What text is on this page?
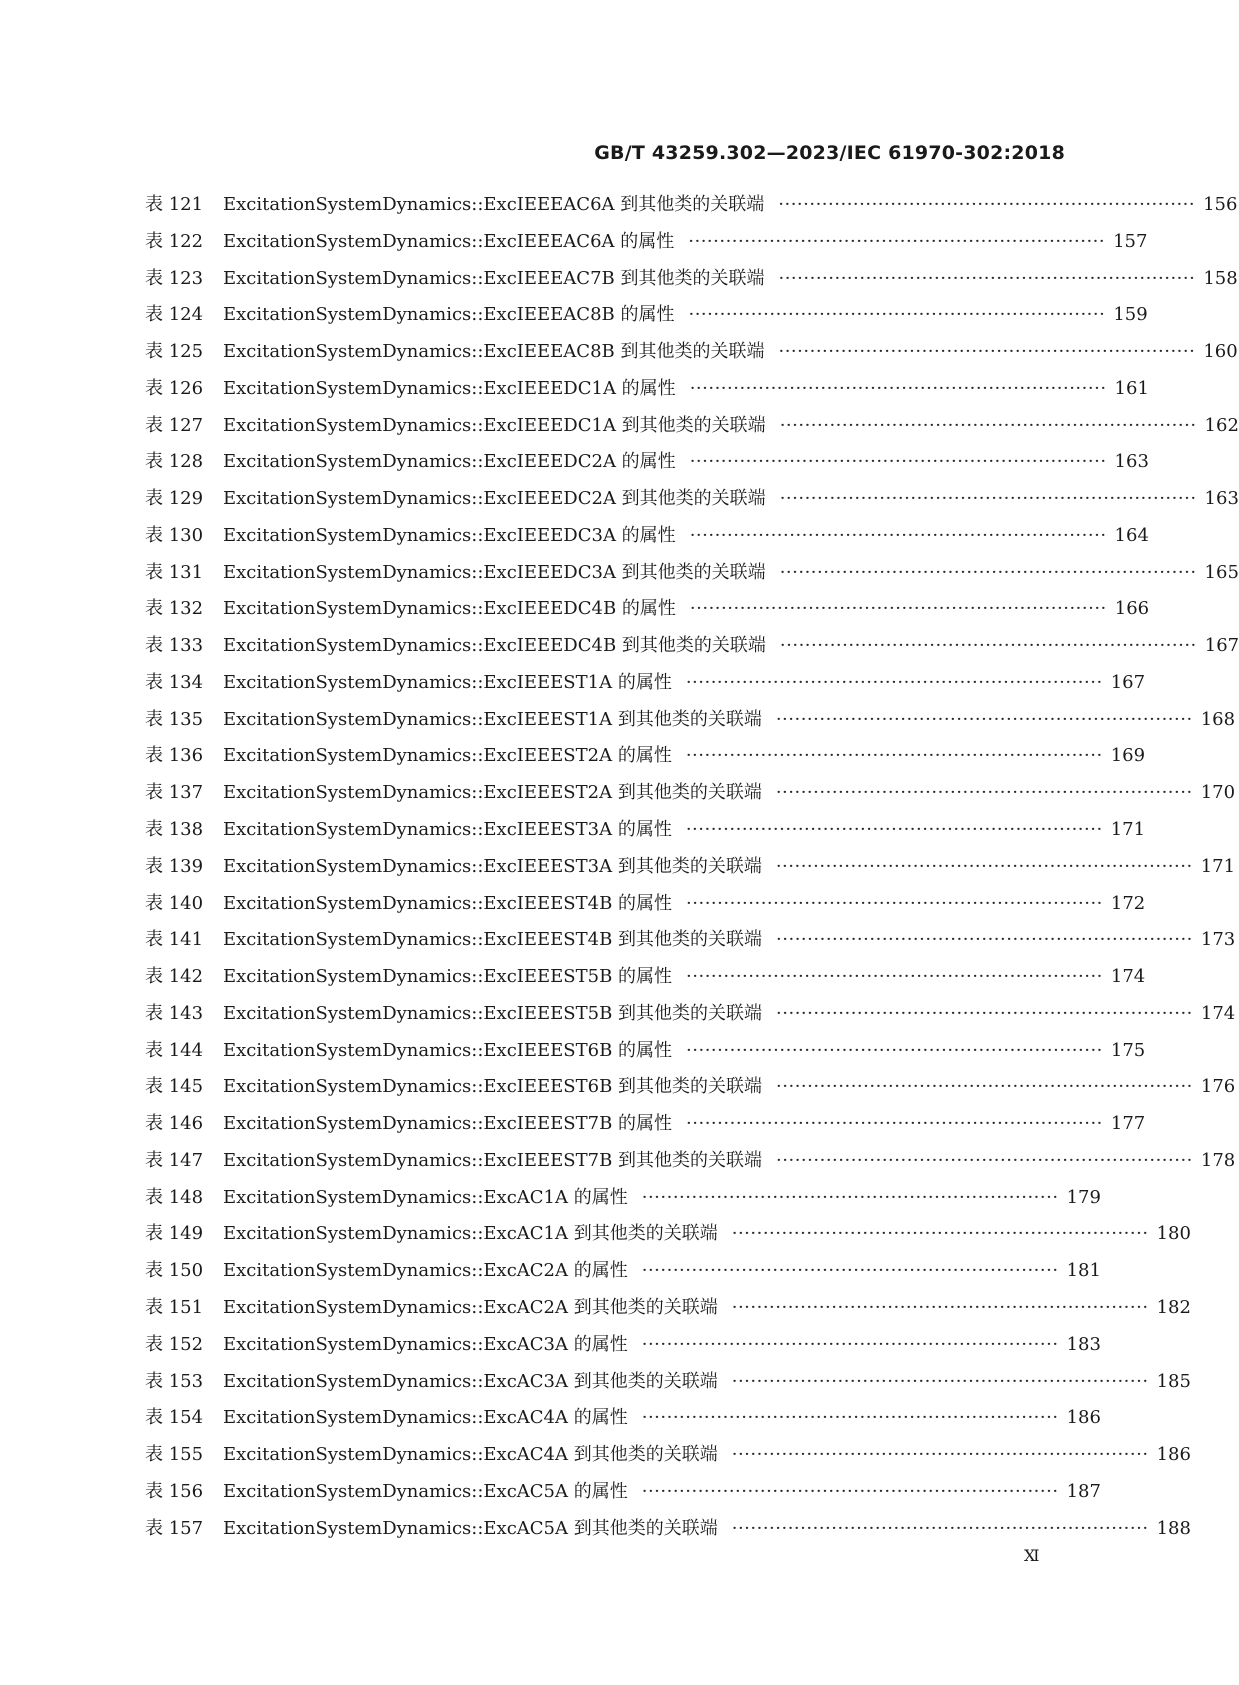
GB/T 43259.302—2023/IEC 61970-302:2018
表 121	ExcitationSystemDynamics::ExcIEEEAC6A 到其他类的关联端 ··································································· 156
表 122	ExcitationSystemDynamics::ExcIEEEAC6A 的属性 ··································································· 157
表 123	ExcitationSystemDynamics::ExcIEEEAC7B 到其他类的关联端 ··································································· 158
表 124	ExcitationSystemDynamics::ExcIEEEAC8B 的属性 ··································································· 159
表 125	ExcitationSystemDynamics::ExcIEEEAC8B 到其他类的关联端 ··································································· 160
表 126	ExcitationSystemDynamics::ExcIEEEDC1A 的属性 ··································································· 161
表 127	ExcitationSystemDynamics::ExcIEEEDC1A 到其他类的关联端 ··································································· 162
表 128	ExcitationSystemDynamics::ExcIEEEDC2A 的属性 ··································································· 163
表 129	ExcitationSystemDynamics::ExcIEEEDC2A 到其他类的关联端 ··································································· 163
表 130	ExcitationSystemDynamics::ExcIEEEDC3A 的属性 ··································································· 164
表 131	ExcitationSystemDynamics::ExcIEEEDC3A 到其他类的关联端 ··································································· 165
表 132	ExcitationSystemDynamics::ExcIEEEDC4B 的属性 ··································································· 166
表 133	ExcitationSystemDynamics::ExcIEEEDC4B 到其他类的关联端 ··································································· 167
表 134	ExcitationSystemDynamics::ExcIEEEST1A 的属性 ··································································· 167
表 135	ExcitationSystemDynamics::ExcIEEEST1A 到其他类的关联端 ··································································· 168
表 136	ExcitationSystemDynamics::ExcIEEEST2A 的属性 ··································································· 169
表 137	ExcitationSystemDynamics::ExcIEEEST2A 到其他类的关联端 ··································································· 170
表 138	ExcitationSystemDynamics::ExcIEEEST3A 的属性 ··································································· 171
表 139	ExcitationSystemDynamics::ExcIEEEST3A 到其他类的关联端 ··································································· 171
表 140	ExcitationSystemDynamics::ExcIEEEST4B 的属性 ··································································· 172
表 141	ExcitationSystemDynamics::ExcIEEEST4B 到其他类的关联端 ··································································· 173
表 142	ExcitationSystemDynamics::ExcIEEEST5B 的属性 ··································································· 174
表 143	ExcitationSystemDynamics::ExcIEEEST5B 到其他类的关联端 ··································································· 174
表 144	ExcitationSystemDynamics::ExcIEEEST6B 的属性 ··································································· 175
表 145	ExcitationSystemDynamics::ExcIEEEST6B 到其他类的关联端 ··································································· 176
表 146	ExcitationSystemDynamics::ExcIEEEST7B 的属性 ··································································· 177
表 147	ExcitationSystemDynamics::ExcIEEEST7B 到其他类的关联端 ··································································· 178
表 148	ExcitationSystemDynamics::ExcAC1A 的属性 ··································································· 179
表 149	ExcitationSystemDynamics::ExcAC1A 到其他类的关联端 ··································································· 180
表 150	ExcitationSystemDynamics::ExcAC2A 的属性 ··································································· 181
表 151	ExcitationSystemDynamics::ExcAC2A 到其他类的关联端 ··································································· 182
表 152	ExcitationSystemDynamics::ExcAC3A 的属性 ··································································· 183
表 153	ExcitationSystemDynamics::ExcAC3A 到其他类的关联端 ··································································· 185
表 154	ExcitationSystemDynamics::ExcAC4A 的属性 ··································································· 186
表 155	ExcitationSystemDynamics::ExcAC4A 到其他类的关联端 ··································································· 186
表 156	ExcitationSystemDynamics::ExcAC5A 的属性 ··································································· 187
表 157	ExcitationSystemDynamics::ExcAC5A 到其他类的关联端 ··································································· 188
Ⅺ
